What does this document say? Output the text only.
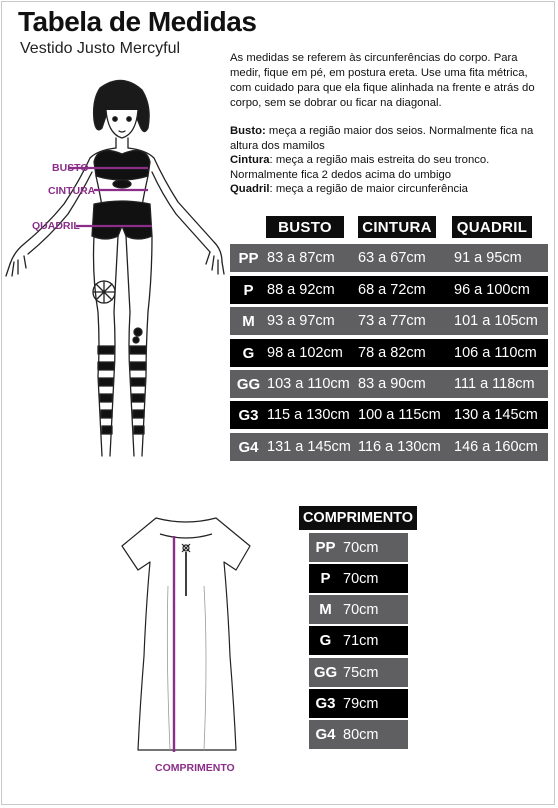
Tabela de Medidas
Vestido Justo Mercyful

As medidas se referem às circunferências do corpo. Para medir, fique em pé, em postura ereta. Use uma fita métrica, com cuidado para que ela fique alinhada na frente e atrás do corpo, sem se dobrar ou ficar na diagonal.

Busto: meça a região maior dos seios. Normalmente fica na altura dos mamilos

Cintura: meça a região mais estreita do seu tronco. Normalmente fica 2 dedos acima do umbigo

Quadril: meça a região de maior circunferência

BUSTO
CINTURA
QUADRIL	BUSTO	CINTURA	QUADRIL
PP 83 a 87cm 63 a 67cm 91 a 95cm
P 88 a 92cm 68 a 72cm 96 a 100cm
M 93 a 97cm 73 a 77cm 101 a 105cm
G 98 a 102cm 78 a 82cm 106 a 110cm
GG 103 a 110cm 83 a 90cm 111 a 118cm
G3 115 a 130cm 100 a 115cm 130 a 145cm
G4 131 a 145cm 116 a 130cm 146 a 160cm
COMPRIMENTO
COMPRIMENTO
PP 70cm
P 70cm
M 70cm
G 71cm
GG 75cm
G3 79cm
G4 80cm
